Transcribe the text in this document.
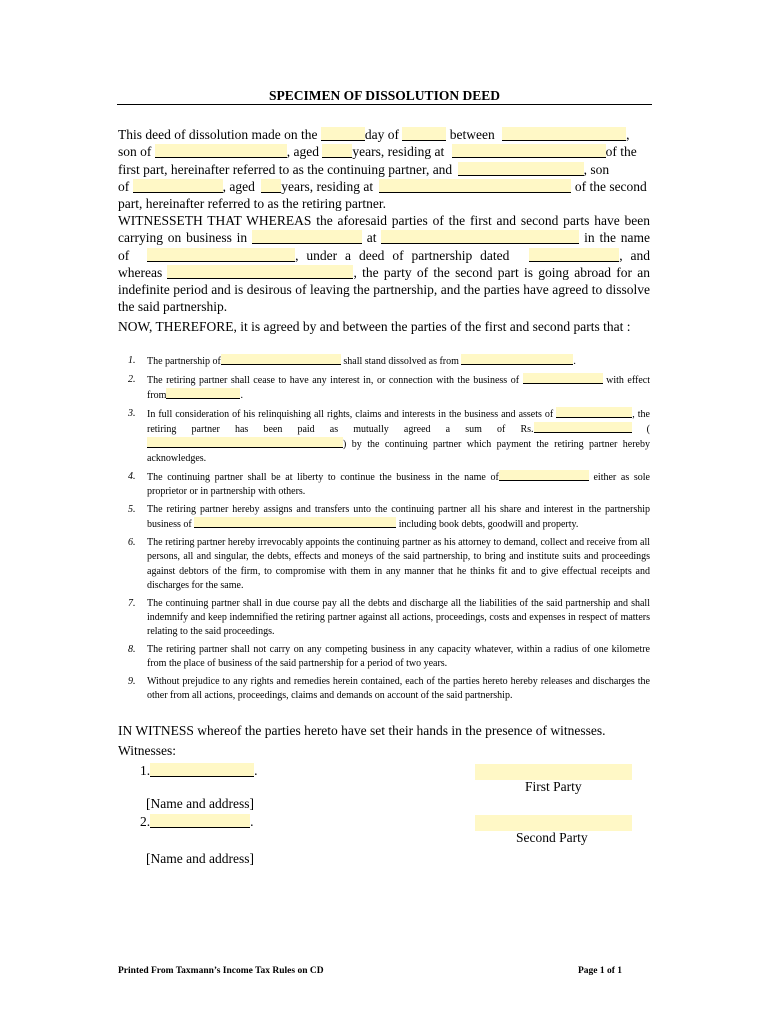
SPECIMEN OF DISSOLUTION DEED
This deed of dissolution made on the	day of	between	,
son of	, aged years, residing at	of the
first part, hereinafter referred to as the continuing partner, and	, son
of	, aged years, residing at	of the second
part, hereinafter referred to as the retiring partner.
WITNESSETH THAT WHEREAS the aforesaid parties of the first and second parts have been carrying on business in	at	in the name of	, under a deed of partnership dated	, and whereas	, the party of the second part is going abroad for an indefinite period and is desirous of leaving the partnership, and the parties have agreed to dissolve the said partnership.
NOW, THEREFORE, it is agreed by and between the parties of the first and second parts that :
1. The partnership of	shall stand dissolved as from	.
2. The retiring partner shall cease to have any interest in, or connection with the business of	with effect from	.
3. In full consideration of his relinquishing all rights, claims and interests in the business and assets of	, the retiring partner has been paid as mutually agreed a sum of Rs.	( ) by the continuing partner which payment the retiring partner hereby acknowledges.
4. The continuing partner shall be at liberty to continue the business in the name of	either as sole proprietor or in partnership with others.
5. The retiring partner hereby assigns and transfers unto the continuing partner all his share and interest in the partnership business of	including book debts, goodwill and property.
6. The retiring partner hereby irrevocably appoints the continuing partner as his attorney to demand, collect and receive from all persons, all and singular, the debts, effects and moneys of the said partnership, to bring and institute suits and proceedings against debtors of the firm, to compromise with them in any manner that he thinks fit and to give effectual receipts and discharges for the same.
7. The continuing partner shall in due course pay all the debts and discharge all the liabilities of the said partnership and shall indemnify and keep indemnified the retiring partner against all actions, proceedings, costs and expenses in respect of matters relating to the said proceedings.
8. The retiring partner shall not carry on any competing business in any capacity whatever, within a radius of one kilometre from the place of business of the said partnership for a period of two years.
9. Without prejudice to any rights and remedies herein contained, each of the parties hereto hereby releases and discharges the other from all actions, proceedings, claims and demands on account of the said partnership.
IN WITNESS whereof the parties hereto have set their hands in the presence of witnesses.
Witnesses:
1.	.
[Name and address]
2.	.
[Name and address]
First Party
Second Party
Printed From Taxmann’s Income Tax Rules on CD	Page 1 of 1
